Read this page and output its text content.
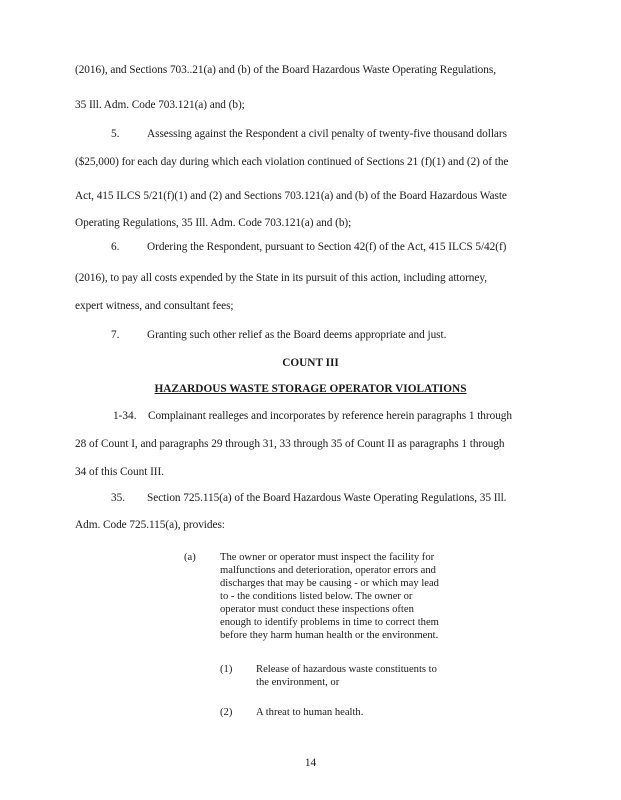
(2016), and Sections 703..21(a) and (b) of the Board Hazardous Waste Operating Regulations,
35 Ill. Adm. Code 703.121(a) and (b);
5. Assessing against the Respondent a civil penalty of twenty-five thousand dollars
($25,000) for each day during which each violation continued of Sections 21 (f)(1) and (2) of the
Act, 415 ILCS 5/21(f)(1) and (2) and Sections 703.121(a) and (b) of the Board Hazardous Waste
Operating Regulations, 35 Ill. Adm. Code 703.121(a) and (b);
6. Ordering the Respondent, pursuant to Section 42(f) of the Act, 415 ILCS 5/42(f)
(2016), to pay all costs expended by the State in its pursuit of this action, including attorney,
expert witness, and consultant fees;
7. Granting such other relief as the Board deems appropriate and just.
COUNT III
HAZARDOUS WASTE STORAGE OPERATOR VIOLATIONS
1-34. Complainant realleges and incorporates by reference herein paragraphs 1 through
28 of Count I, and paragraphs 29 through 31, 33 through 35 of Count II as paragraphs 1 through
34 of this Count III.
35. Section 725.115(a) of the Board Hazardous Waste Operating Regulations, 35 Ill.
Adm. Code 725.115(a), provides:
(a) The owner or operator must inspect the facility for
malfunctions and deterioration, operator errors and
discharges that may be causing - or which may lead
to - the conditions listed below. The owner or
operator must conduct these inspections often
enough to identify problems in time to correct them
before they harm human health or the environment.
(1) Release of hazardous waste constituents to
the environment, or
(2) A threat to human health.
14
